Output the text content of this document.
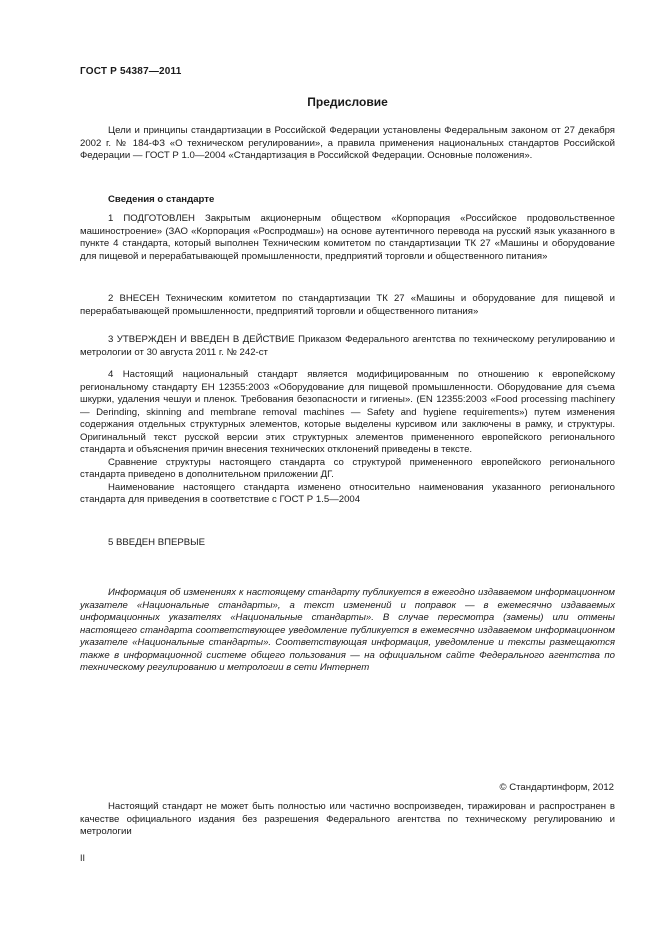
ГОСТ Р 54387—2011
Предисловие

Цели и принципы стандартизации в Российской Федерации установлены Федеральным законом от 27 декабря 2002 г. № 184-ФЗ «О техническом регулировании», а правила применения национальных стандартов Российской Федерации — ГОСТ Р 1.0—2004 «Стандартизация в Российской Федерации. Основные положения».

Сведения о стандарте

1 ПОДГОТОВЛЕН Закрытым акционерным обществом «Корпорация «Российское продовольственное машиностроение» (ЗАО «Корпорация «Роспродмаш») на основе аутентичного перевода на русский язык указанного в пункте 4 стандарта, который выполнен Техническим комитетом по стандартизации ТК 27 «Машины и оборудование для пищевой и перерабатывающей промышленности, предприятий торговли и общественного питания»

2 ВНЕСЕН Техническим комитетом по стандартизации ТК 27 «Машины и оборудование для пищевой и перерабатывающей промышленности, предприятий торговли и общественного питания»

3 УТВЕРЖДЕН И ВВЕДЕН В ДЕЙСТВИЕ Приказом Федерального агентства по техническому регулированию и метрологии от 30 августа 2011 г. № 242-ст

4 Настоящий национальный стандарт является модифицированным по отношению к европейскому региональному стандарту ЕН 12355:2003 «Оборудование для пищевой промышленности. Оборудование для съема шкурки, удаления чешуи и пленок. Требования безопасности и гигиены». (EN 12355:2003 «Food processing machinery — Derinding, skinning and membrane removal machines — Safety and hygiene requirements») путем изменения содержания отдельных структурных элементов, которые выделены курсивом или заключены в рамку, и структуры. Оригинальный текст русской версии этих структурных элементов примененного европейского регионального стандарта и объяснения причин внесения технических отклонений приведены в тексте.

Сравнение структуры настоящего стандарта со структурой примененного европейского регионального стандарта приведено в дополнительном приложении ДГ.

Наименование настоящего стандарта изменено относительно наименования указанного регионального стандарта для приведения в соответствие с ГОСТ Р 1.5—2004

5 ВВЕДЕН ВПЕРВЫЕ

Информация об изменениях к настоящему стандарту публикуется в ежегодно издаваемом информационном указателе «Национальные стандарты», а текст изменений и поправок — в ежемесячно издаваемых информационных указателях «Национальные стандарты». В случае пересмотра (замены) или отмены настоящего стандарта соответствующее уведомление публикуется в ежемесячно издаваемом информационном указателе «Национальные стандарты». Соответствующая информация, уведомление и тексты размещаются также в информационной системе общего пользования — на официальном сайте Федерального агентства по техническому регулированию и метрологии в сети Интернет

© Стандартинформ, 2012

Настоящий стандарт не может быть полностью или частично воспроизведен, тиражирован и распространен в качестве официального издания без разрешения Федерального агентства по техническому регулированию и метрологии

II
